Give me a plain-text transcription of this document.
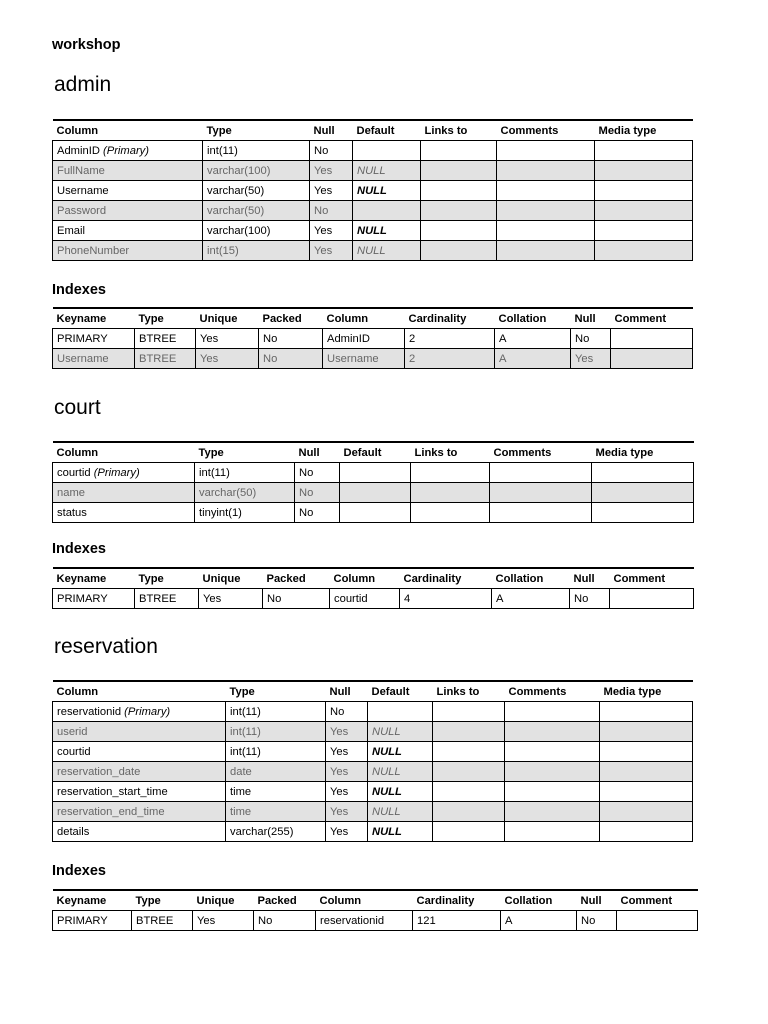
workshop
admin
Column	Type	Null	Default	Links to	Comments	Media type
AdminID (Primary)	int(11)	No				
FullName	varchar(100)	Yes	NULL			
Username	varchar(50)	Yes	NULL			
Password	varchar(50)	No				
Email	varchar(100)	Yes	NULL			
PhoneNumber	int(15)	Yes	NULL			
Indexes
Keyname	Type	Unique	Packed	Column	Cardinality	Collation	Null	Comment
PRIMARY	BTREE	Yes	No	AdminID	2	A	No	
Username	BTREE	Yes	No	Username	2	A	Yes	
court
Column	Type	Null	Default	Links to	Comments	Media type
courtid (Primary)	int(11)	No				
name	varchar(50)	No				
status	tinyint(1)	No				
Indexes
Keyname	Type	Unique	Packed	Column	Cardinality	Collation	Null	Comment
PRIMARY	BTREE	Yes	No	courtid	4	A	No	
reservation
Column	Type	Null	Default	Links to	Comments	Media type
reservationid (Primary)	int(11)	No				
userid	int(11)	Yes	NULL			
courtid	int(11)	Yes	NULL			
reservation_date	date	Yes	NULL			
reservation_start_time	time	Yes	NULL			
reservation_end_time	time	Yes	NULL			
details	varchar(255)	Yes	NULL			
Indexes
Keyname	Type	Unique	Packed	Column	Cardinality	Collation	Null	Comment
PRIMARY	BTREE	Yes	No	reservationid	121	A	No	
